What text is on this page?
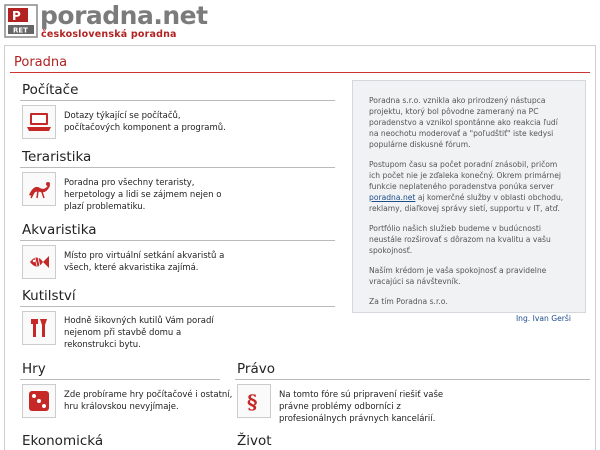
P
RET
poradna.net
československá poradna
Poradna
Počítače
Dotazy týkající se počítačů,
počítačových komponent a programů.
Teraristika
Poradna pro všechny teraristy,
herpetology a lidi se zájmem nejen o
plazí problematiku.
Akvaristika
Místo pro virtuální setkání akvaristů a
všech, které akvaristika zajímá.
Kutilství
Hodně šikovných kutilů Vám poradí
nejenom při stavbě domu a
rekonstrukci bytu.
Hry
Zde probírame hry počítačové i ostatní,
hru královskou nevyjímaje.
Právo
§	Na tomto fóre sú pripravení riešiť vaše
právne problémy odborníci z
profesionálnych právnych kancelárií.
Ekonomická	Život

Poradna s.r.o. vznikla ako prirodzený nástupca
projektu, ktorý bol pôvodne zameraný na PC
poradenstvo a vznikol spontánne ako reakcia ľudí
na neochotu moderovať a "poľudštiť" iste kedysi
populárne diskusné fórum.

Postupom času sa počet poradní znásobil, pričom
ich počet nie je zďaleka konečný. Okrem primárnej
funkcie neplatenéhо poradenstva ponúka server
poradna.net aj komerčné služby v oblasti obchodu,
reklamy, diaľkovej správy sietí, supportu v IT, atď.

Portfólio našich služieb budeme v budúcnosti
neustále rozširovať s dôrazom na kvalitu a vašu
spokojnosť.

Naším krédom je vaša spokojnosť a pravidelne
vracajúci sa návštevník.

Za tím Poradna s.r.o.

Ing. Ivan Gerši
